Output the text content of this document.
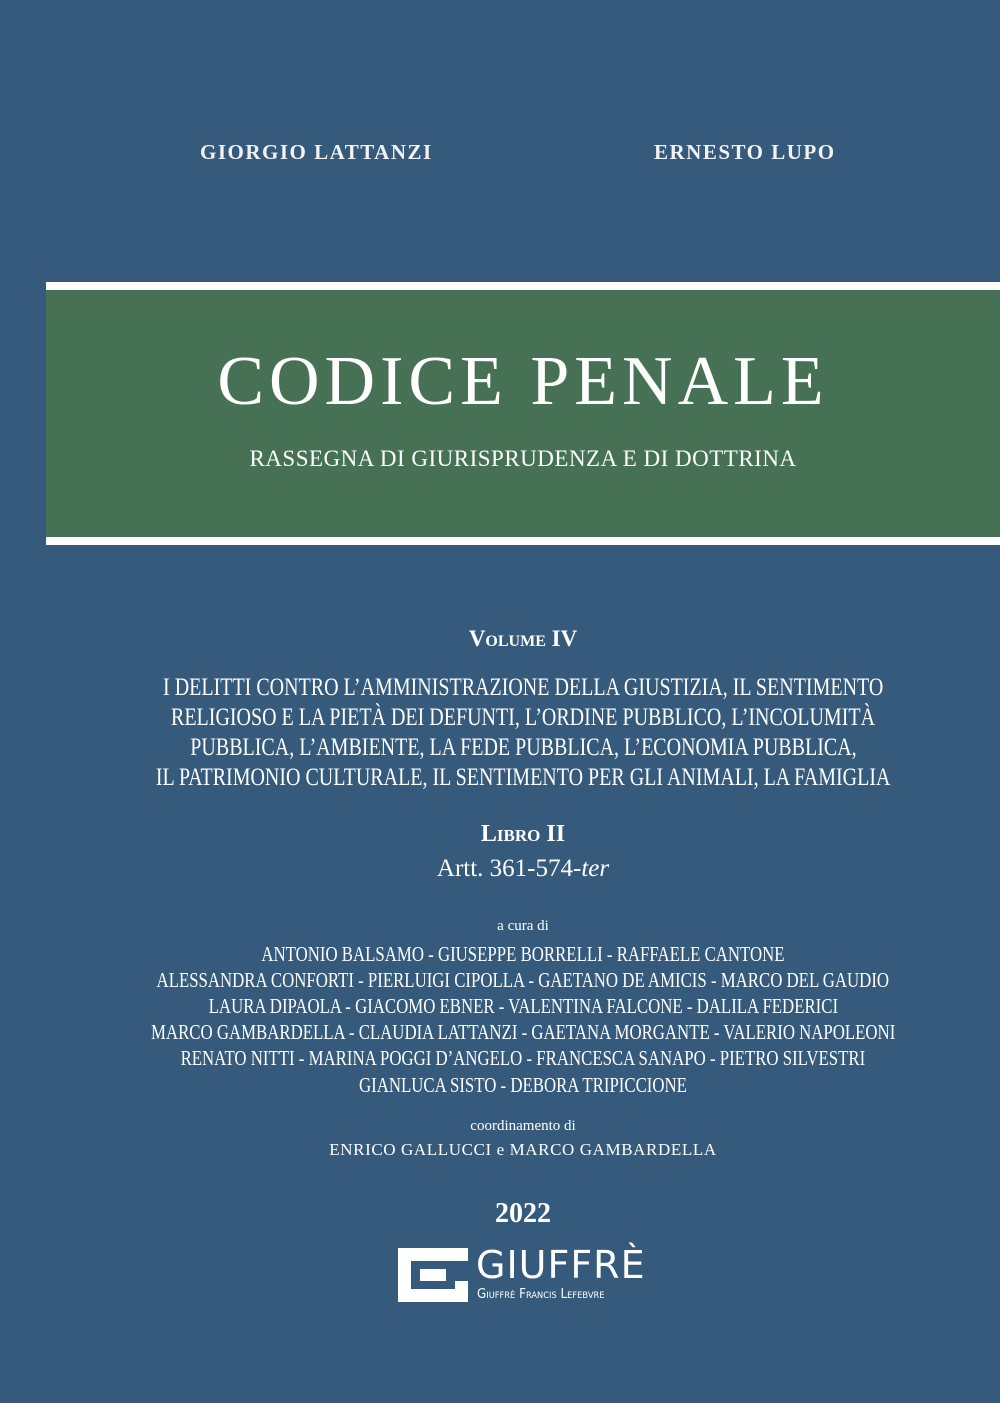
GIORGIO LATTANZI	ERNESTO LUPO
CODICE PENALE
RASSEGNA DI GIURISPRUDENZA E DI DOTTRINA
Volume IV
I DELITTI CONTRO L’AMMINISTRAZIONE DELLA GIUSTIZIA, IL SENTIMENTO
RELIGIOSO E LA PIETÀ DEI DEFUNTI, L’ORDINE PUBBLICO, L’INCOLUMITÀ
PUBBLICA, L’AMBIENTE, LA FEDE PUBBLICA, L’ECONOMIA PUBBLICA,
IL PATRIMONIO CULTURALE, IL SENTIMENTO PER GLI ANIMALI, LA FAMIGLIA
Libro II
Artt. 361-574-ter
a cura di
ANTONIO BALSAMO - GIUSEPPE BORRELLI - RAFFAELE CANTONE
ALESSANDRA CONFORTI - PIERLUIGI CIPOLLA - GAETANO DE AMICIS - MARCO DEL GAUDIO
LAURA DIPAOLA - GIACOMO EBNER - VALENTINA FALCONE - DALILA FEDERICI
MARCO GAMBARDELLA - CLAUDIA LATTANZI - GAETANA MORGANTE - VALERIO NAPOLEONI
RENATO NITTI - MARINA POGGI D’ANGELO - FRANCESCA SANAPO - PIETRO SILVESTRI
GIANLUCA SISTO - DEBORA TRIPICCIONE
coordinamento di
ENRICO GALLUCCI e MARCO GAMBARDELLA
2022
GIUFFRÈ
Giuffrè Francis Lefebvre
